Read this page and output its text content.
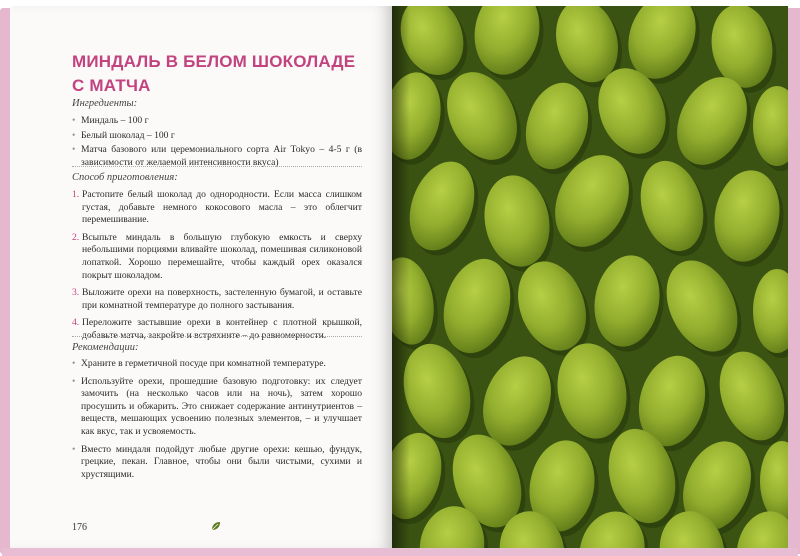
МИНДАЛЬ В БЕЛОМ ШОКОЛАДЕ С МАТЧА

Ингредиенты:

• Миндаль – 100 г
• Белый шоколад – 100 г
• Матча базового или церемониального сорта Air Tokyo – 4-5 г (в зависимости от желаемой интенсивности вкуса)

Способ приготовления:

1. Растопите белый шоколад до однородности. Если масса слишком густая, добавьте немного кокосового масла – это облегчит перемешивание.
2. Всыпьте миндаль в большую глубокую емкость и сверху небольшими порциями вливайте шоколад, помешивая силиконовой лопаткой. Хорошо перемешайте, чтобы каждый орех оказался покрыт шоколадом.
3. Выложите орехи на поверхность, застеленную бумагой, и оставьте при комнатной температуре до полного застывания.
4. Переложите застывшие орехи в контейнер с плотной крышкой, добавьте матча, закройте и встряхните – до равномерности.

Рекомендации:

• Храните в герметичной посуде при комнатной температуре.
• Используйте орехи, прошедшие базовую подготовку: их следует замочить (на несколько часов или на ночь), затем хорошо просушить и обжарить. Это снижает содержание антинутриентов – веществ, мешающих усвоению полезных элементов, – и улучшает как вкус, так и усвояемость.
• Вместо миндаля подойдут любые другие орехи: кешью, фундук, грецкие, пекан. Главное, чтобы они были чистыми, сухими и хрустящими.
176
